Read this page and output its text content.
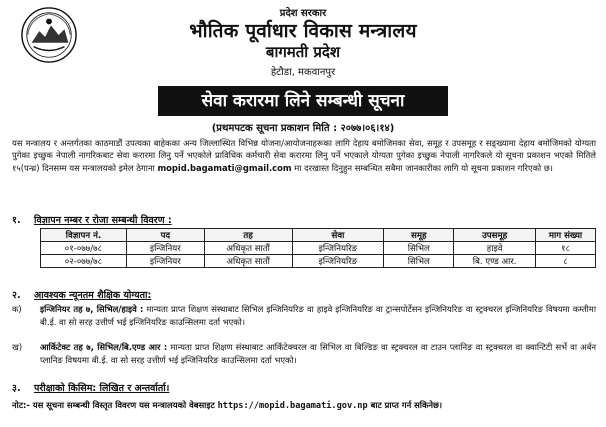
प्रदेश सरकार
भौतिक पूर्वाधार विकास मन्त्रालय
बागमती प्रदेश
हेटौडा, मकवानपुर
सेवा करारमा लिने सम्बन्धी सूचना
(प्रथमपटक सूचना प्रकाशन मिति : २०७७।०६।१४)
यस मन्त्रालय र अन्तर्गतका काठमाडौं उपत्यका बाहेकका अन्य जिल्लास्थित विभिन्न योजना/आयोजनाहरूका लागि देहाय बमोजिमका सेवा, समूह र उपसमूह र सङ्ख्यामा देहाय बमोजिमको योग्यता पुगेका इच्छुक नेपाली नागरिकबाट सेवा करारमा लिनु पर्ने भएकोले प्राविधिक कर्मचारी सेवा करारमा लिनु पर्ने भएकाले योग्यता पुगेका इच्छुक नेपाली नागरिकले यो सूचना प्रकाशन भएको मितिले १५(पन्ध्र) दिनसम्म यस मन्त्रालयको इमेल ठेगाना mopid.bagamati@gmail.com मा दरखास्त दिनुहुन सम्बन्धित सबैमा जानकारीका लागि यो सूचना प्रकाशन गरिएको छ।
१. विज्ञापन नम्बर र रोजा सम्बन्धी विवरण :
विज्ञापन नं.	पद	तह	सेवा	समूह	उपसमूह	माग संख्या
०१-०७७/७८	इन्जिनियर	अधिकृत सातौं	इन्जिनियरिङ	सिभिल	हाइवे	१८
०२-०७७/७८	इन्जिनियर	अधिकृत सातौं	इन्जिनियरिङ	सिभिल	बि. एण्ड आर.	८
२. आवश्यक न्यूनतम शैक्षिक योग्यता:
क)	इन्जिनियर तह ७, सिभिल/हाइवे : मान्यता प्राप्त शिक्षण संस्थाबाट सिभिल इन्जिनियरिङ वा हाइवे इन्जिनियरिङ वा ट्रान्सपोर्टेसन इन्जिनियरिङ वा स्ट्रक्चरल इन्जिनियरिङ विषयमा कम्तीमा बी.ई. वा सो सरह उत्तीर्ण भई इन्जिनियरिङ काउन्सिलमा दर्ता भएको।
ख)	आर्किटेक्ट तह ७, सिभिल/बि.एण्ड आर : मान्यता प्राप्त शिक्षण संस्थाबाट आर्किटेक्चरल वा सिभिल वा बिल्डिङ वा स्ट्रक्चरल वा टाउन प्लानिङ वा स्ट्रक्चरल वा क्वान्टिटी सर्भे वा अर्बन प्लानिङ विषयमा बी.ई. वा सो सरह उत्तीर्ण भई इन्जिनियरिङ काउन्सिलमा दर्ता भएको।
३. परीक्षाको किसिम: लिखित र अन्तर्वार्ता।
नोट:- यस सूचना सम्बन्धी विस्तृत विवरण यस मन्त्रालयको वेबसाइट https://mopid.bagamati.gov.np बाट प्राप्त गर्न सकिनेछ।
